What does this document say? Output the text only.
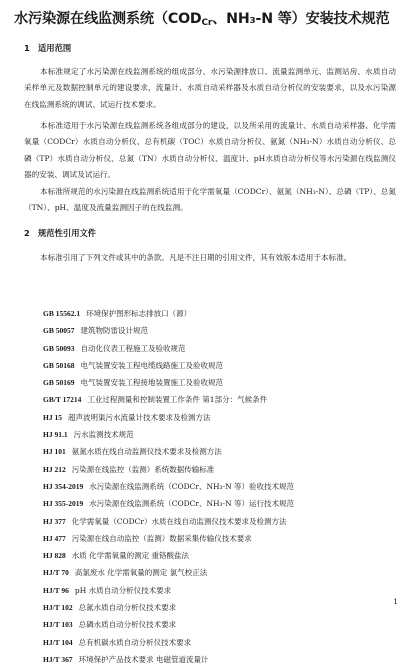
水污染源在线监测系统（$COD_{Cr}$、NH₃-N 等）安装技术规范
1 适用范围

本标准规定了水污染源在线监测系统的组成部分、水污染源排放口、流量监测单元、监测站房、水质自动采样单元及数据控制单元的建设要求，流量计、水质自动采样器及水质自动分析仪的安装要求，以及水污染源在线监测系统的调试、试运行技术要求。

本标准适用于水污染源在线监测系统各组成部分的建设，以及所采用的流量计、水质自动采样器、化学需氧量（CODCr）水质自动分析仪、总有机碳（TOC）水质自动分析仪、氨氮（NH₃-N）水质自动分析仪、总磷（TP）水质自动分析仪、总氮（TN）水质自动分析仪、温度计、pH水质自动分析仪等水污染源在线监测仪器的安装、调试及试运行。

本标准所规范的水污染源在线监测系统适用于化学需氧量（CODCr）、氨氮（NH₃-N）、总磷（TP）、总氮（TN）、pH、温度及流量监测因子的在线监测。

2 规范性引用文件

本标准引用了下列文件或其中的条款。凡是不注日期的引用文件，其有效版本适用于本标准。

GB 15562.1 环境保护图形标志排放口（源）
GB 50057 建筑物防雷设计规范
GB 50093 自动化仪表工程施工及验收规范
GB 50168 电气装置安装工程电缆线路施工及验收规范
GB 50169 电气装置安装工程接地装置施工及验收规范
GB/T 17214 工业过程测量和控制装置工作条件 第1部分：气候条件
HJ 15 超声波明渠污水流量计技术要求及检测方法
HJ 91.1 污水监测技术规范
HJ 101 氨氮水质在线自动监测仪技术要求及检测方法
HJ 212 污染源在线监控（监测）系统数据传输标准
HJ 354-2019 水污染源在线监测系统（CODCr、NH₃-N 等）验收技术规范
HJ 355-2019 水污染源在线监测系统（CODCr、NH₃-N 等）运行技术规范
HJ 377 化学需氧量（CODCr）水质在线自动监测仪技术要求及检测方法
HJ 477 污染源在线自动监控（监测）数据采集传输仪技术要求
HJ 828 水质 化学需氧量的测定 重铬酸盐法
HJ/T 70 高氯废水 化学需氧量的测定 氯气校正法
HJ/T 96 pH 水质自动分析仪技术要求
HJ/T 102 总氮水质自动分析仪技术要求
HJ/T 103 总磷水质自动分析仪技术要求
HJ/T 104 总有机碳水质自动分析仪技术要求
HJ/T 367 环境保护产品技术要求 电磁管道流量计
1
